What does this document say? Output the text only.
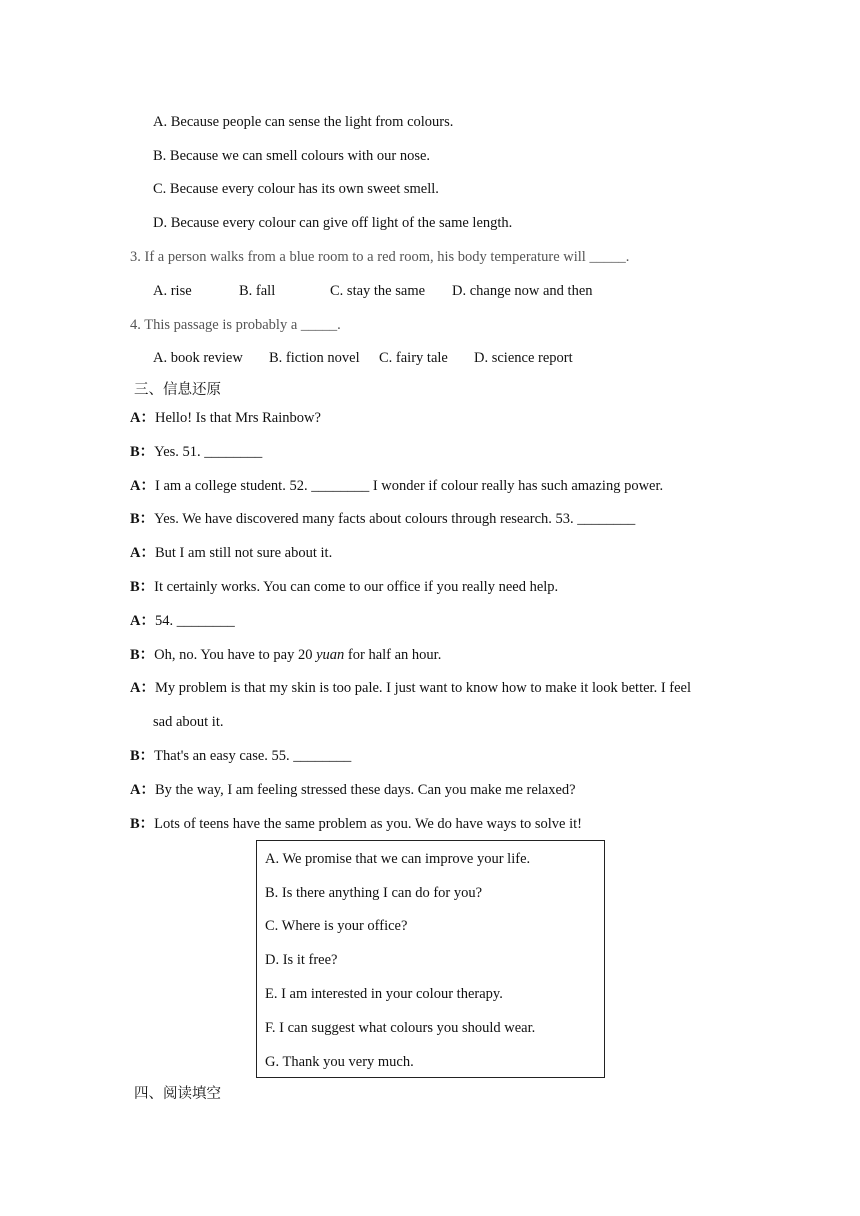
A. Because people can sense the light from colours.
B. Because we can smell colours with our nose.
C. Because every colour has its own sweet smell.
D. Because every colour can give off light of the same length.
3. If a person walks from a blue room to a red room, his body temperature will _____.
A. rise	B. fall	C. stay the same D. change now and then
4. This passage is probably a _____.
A. book review B. fiction novel C. fairy tale D. science report
三、信息还原
A：Hello! Is that Mrs Rainbow?
B：Yes. 51. ________
A：I am a college student. 52. ________ I wonder if colour really has such amazing power.
B：Yes. We have discovered many facts about colours through research. 53. ________
A：But I am still not sure about it.
B：It certainly works. You can come to our office if you really need help.
A：54. ________
B：Oh, no. You have to pay 20 yuan for half an hour.
A：My problem is that my skin is too pale. I just want to know how to make it look better. I feel
sad about it.
B：That's an easy case. 55. ________
A：By the way, I am feeling stressed these days. Can you make me relaxed?
B：Lots of teens have the same problem as you. We do have ways to solve it!
A. We promise that we can improve your life.
B. Is there anything I can do for you?
C. Where is your office?
D. Is it free?
E. I am interested in your colour therapy.
F. I can suggest what colours you should wear.
G. Thank you very much.
四、阅读填空
